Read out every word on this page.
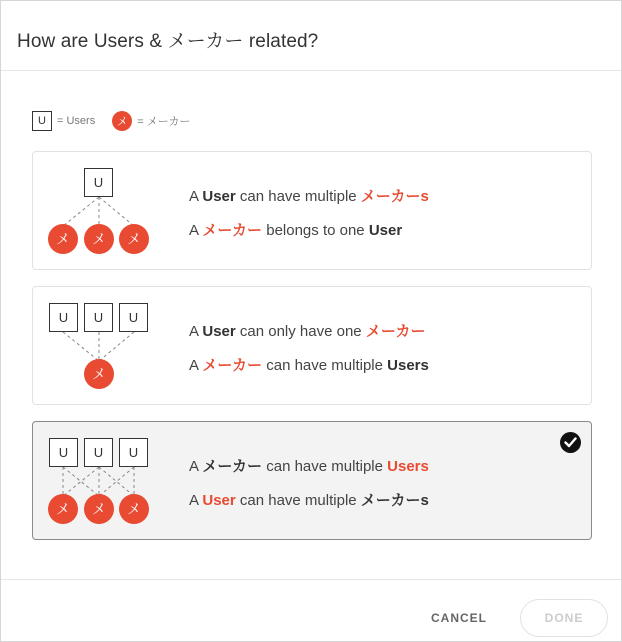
How are Users & メーカー related?
U	= Users	メ = メーカー
U
メ	メ	メ
A User can have multiple メーカーs
A メーカー belongs to one User
U	U	U
メ
A User can only have one メーカー
A メーカー can have multiple Users
U	U	U
メ	メ	メ
A メーカー can have multiple Users
A User can have multiple メーカーs
CANCEL	DONE
